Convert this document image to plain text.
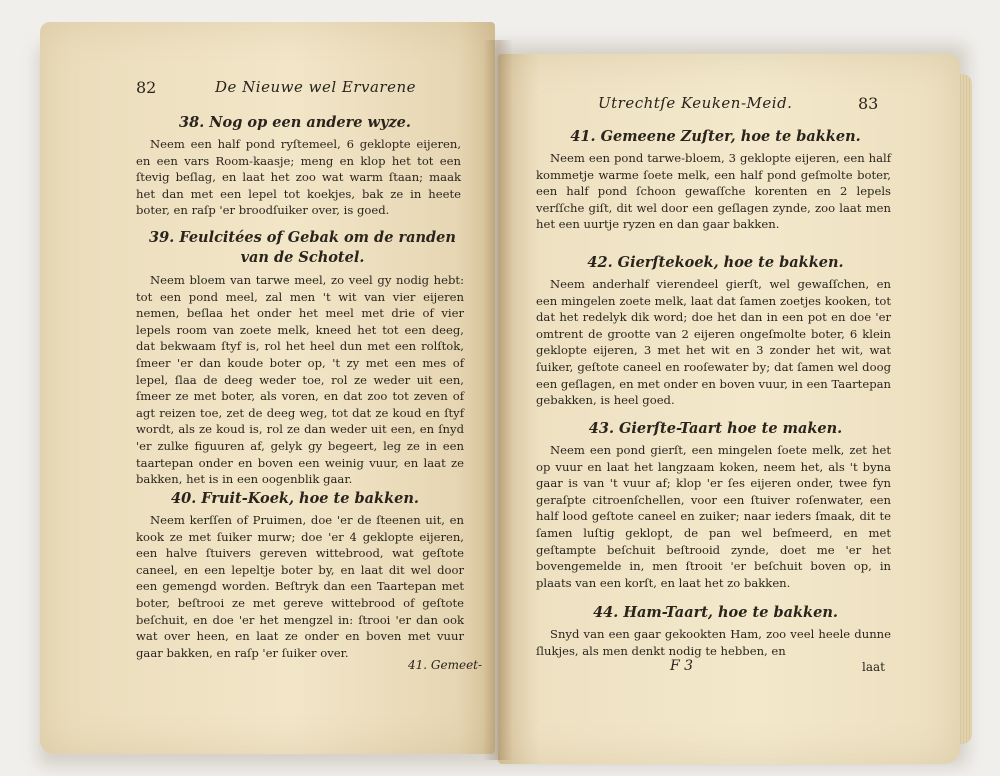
82	De Nieuwe wel Ervarene
38. Nog op een andere wyze.

Neem een half pond ryſtemeel, 6 geklopte eijeren, en een vars Room-kaasje; meng en klop het tot een ſtevig beſlag, en laat het zoo wat warm ſtaan; maak het dan met een lepel tot koekjes, bak ze in heete boter, en raſp 'er broodſuiker over, is goed.

39. Feulcitées of Gebak om de randen van de Schotel.

Neem bloem van tarwe meel, zo veel gy nodig hebt: tot een pond meel, zal men 't wit van vier eijeren nemen, beſlaa het onder het meel met drie of vier lepels room van zoete melk, kneed het tot een deeg, dat bekwaam ſtyf is, rol het heel dun met een rolſtok, ſmeer 'er dan koude boter op, 't zy met een mes of lepel, ſlaa de deeg weder toe, rol ze weder uit een, ſmeer ze met boter, als voren, en dat zoo tot zeven of agt reizen toe, zet de deeg weg, tot dat ze koud en ſtyf wordt, als ze koud is, rol ze dan weder uit een, en ſnyd 'er zulke figuuren af, gelyk gy begeert, leg ze in een taartepan onder en boven een weinig vuur, en laat ze bakken, het is in een oogenblik gaar.

40. Fruit-Koek, hoe te bakken.

Neem kerſſen of Pruimen, doe 'er de ſteenen uit, en kook ze met ſuiker murw; doe 'er 4 geklopte eijeren, een halve ſtuivers gereven wittebrood, wat geſtote caneel, en een lepeltje boter by, en laat dit wel door een gemengd worden. Beſtryk dan een Taartepan met boter, beſtrooi ze met gereve wittebrood of geſtote beſchuit, en doe 'er het mengzel in: ſtrooi 'er dan ook wat over heen, en laat ze onder en boven met vuur gaar bakken, en raſp 'er ſuiker over.

41. Gemeet-
Utrechtſe Keuken-Meid.	83
41. Gemeene Zuſter, hoe te bakken.

Neem een pond tarwe-bloem, 3 geklopte eijeren, een half kommetje warme ſoete melk, een half pond geſmolte boter, een half pond ſchoon gewaſſche korenten en 2 lepels verſſche giſt, dit wel door een geſlagen zynde, zoo laat men het een uurtje ryzen en dan gaar bakken.

42. Gierſtekoek, hoe te bakken.

Neem anderhalf vierendeel gierſt, wel gewaſſchen, en een mingelen zoete melk, laat dat ſamen zoetjes kooken, tot dat het redelyk dik word; doe het dan in een pot en doe 'er omtrent de grootte van 2 eijeren ongeſmolte boter, 6 klein geklopte eijeren, 3 met het wit en 3 zonder het wit, wat ſuiker, geſtote caneel en rooſewater by; dat ſamen wel doog een geſlagen, en met onder en boven vuur, in een Taartepan gebakken, is heel goed.

43. Gierſte-Taart hoe te maken.

Neem een pond gierſt, een mingelen ſoete melk, zet het op vuur en laat het langzaam koken, neem het, als 't byna gaar is van 't vuur af; klop 'er ſes eijeren onder, twee fyn geraſpte citroenſchellen, voor een ſtuiver roſenwater, een half lood geſtote caneel en zuiker; naar ieders ſmaak, dit te ſamen luſtig geklopt, de pan wel beſmeerd, en met geſtampte beſchuit beſtrooid zynde, doet me 'er het bovengemelde in, men ſtrooit 'er beſchuit boven op, in plaats van een korſt, en laat het zo bakken.

44. Ham-Taart, hoe te bakken.

Snyd van een gaar gekookten Ham, zoo veel heele dunne ſlukjes, als men denkt nodig te hebben, en

F 3	laat
